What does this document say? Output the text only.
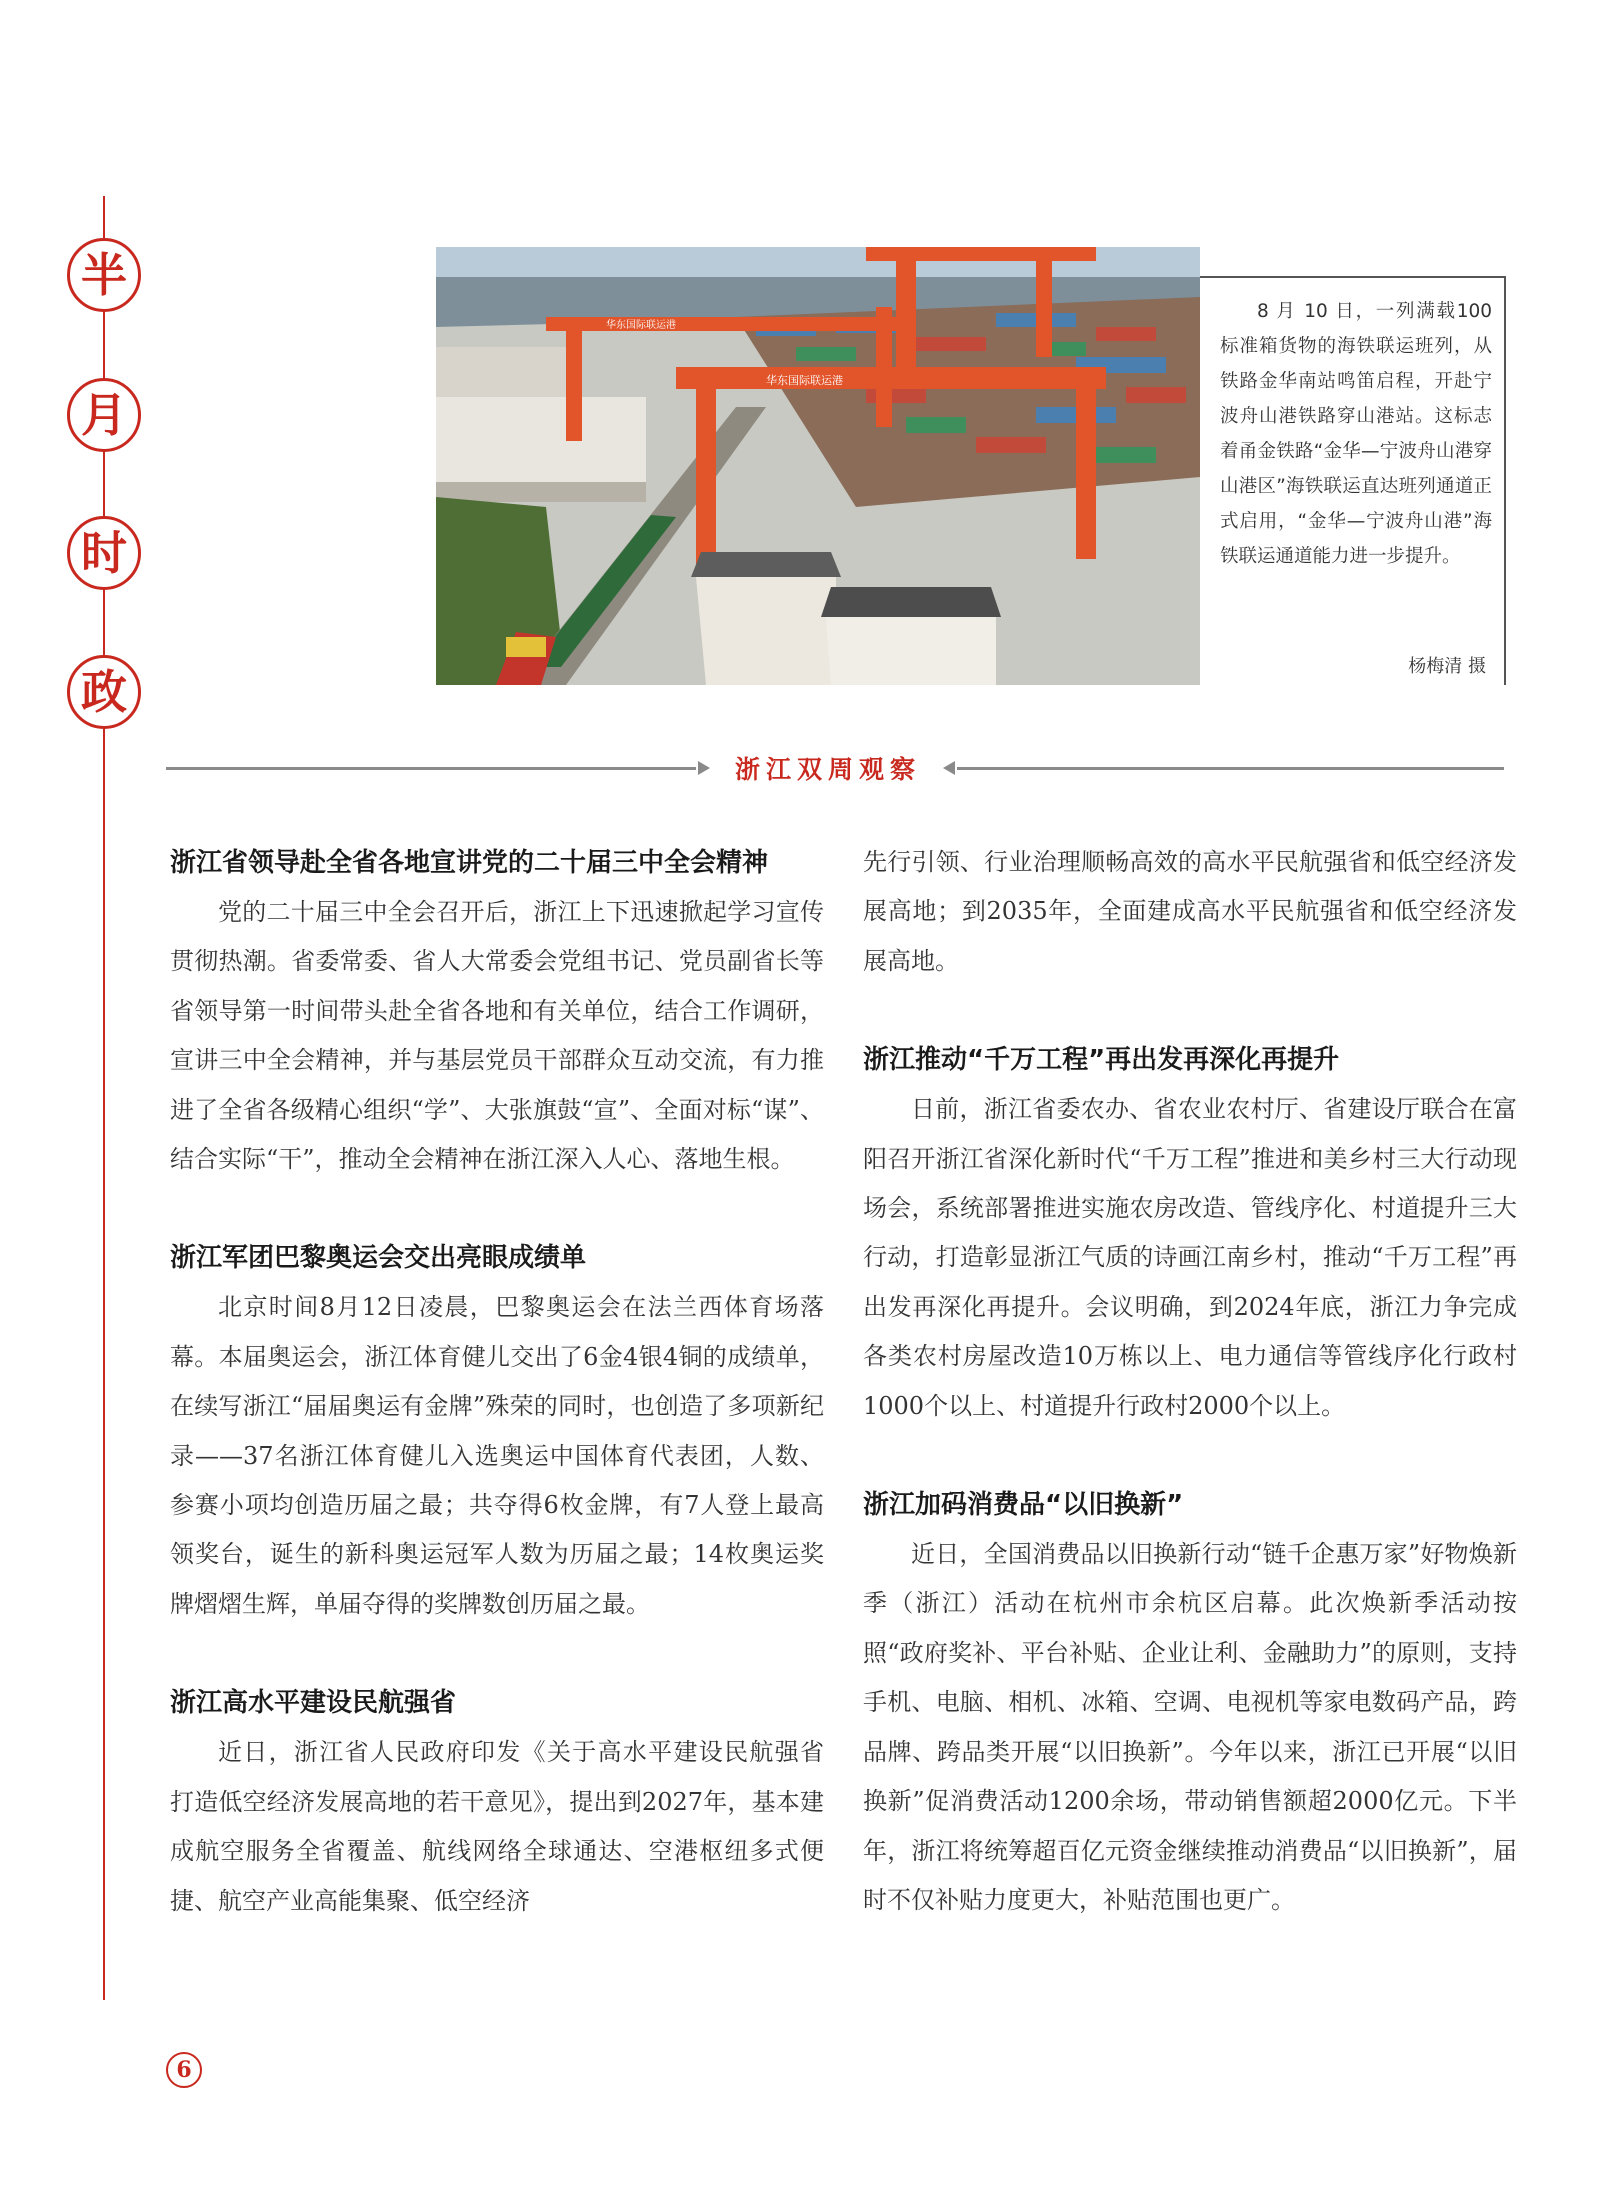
半
月
时
政
华东国际联运港
华东国际联运港
8 月 10 日，一列满载100标准箱货物的海铁联运班列，从铁路金华南站鸣笛启程，开赴宁波舟山港铁路穿山港站。这标志着甬金铁路“金华—宁波舟山港穿山港区”海铁联运直达班列通道正式启用，“金华—宁波舟山港”海铁联运通道能力进一步提升。
杨梅清 摄
浙江双周观察
浙江省领导赴全省各地宣讲党的二十届三中全会精神

党的二十届三中全会召开后，浙江上下迅速掀起学习宣传贯彻热潮。省委常委、省人大常委会党组书记、党员副省长等省领导第一时间带头赴全省各地和有关单位，结合工作调研，宣讲三中全会精神，并与基层党员干部群众互动交流，有力推进了全省各级精心组织“学”、大张旗鼓“宣”、全面对标“谋”、结合实际“干”，推动全会精神在浙江深入人心、落地生根。

浙江军团巴黎奥运会交出亮眼成绩单

北京时间8月12日凌晨，巴黎奥运会在法兰西体育场落幕。本届奥运会，浙江体育健儿交出了6金4银4铜的成绩单，在续写浙江“届届奥运有金牌”殊荣的同时，也创造了多项新纪录——37名浙江体育健儿入选奥运中国体育代表团，人数、参赛小项均创造历届之最；共夺得6枚金牌，有7人登上最高领奖台，诞生的新科奥运冠军人数为历届之最；14枚奥运奖牌熠熠生辉，单届夺得的奖牌数创历届之最。

浙江高水平建设民航强省

近日，浙江省人民政府印发《关于高水平建设民航强省 打造低空经济发展高地的若干意见》，提出到2027年，基本建成航空服务全省覆盖、航线网络全球通达、空港枢纽多式便捷、航空产业高能集聚、低空经济

先行引领、行业治理顺畅高效的高水平民航强省和低空经济发展高地；到2035年，全面建成高水平民航强省和低空经济发展高地。

浙江推动“千万工程”再出发再深化再提升

日前，浙江省委农办、省农业农村厅、省建设厅联合在富阳召开浙江省深化新时代“千万工程”推进和美乡村三大行动现场会，系统部署推进实施农房改造、管线序化、村道提升三大行动，打造彰显浙江气质的诗画江南乡村，推动“千万工程”再出发再深化再提升。会议明确，到2024年底，浙江力争完成各类农村房屋改造10万栋以上、电力通信等管线序化行政村1000个以上、村道提升行政村2000个以上。

浙江加码消费品“以旧换新”

近日，全国消费品以旧换新行动“链千企惠万家”好物焕新季（浙江）活动在杭州市余杭区启幕。此次焕新季活动按照“政府奖补、平台补贴、企业让利、金融助力”的原则，支持手机、电脑、相机、冰箱、空调、电视机等家电数码产品，跨品牌、跨品类开展“以旧换新”。今年以来，浙江已开展“以旧换新”促消费活动1200余场，带动销售额超2000亿元。下半年，浙江将统筹超百亿元资金继续推动消费品“以旧换新”，届时不仅补贴力度更大，补贴范围也更广。

6
